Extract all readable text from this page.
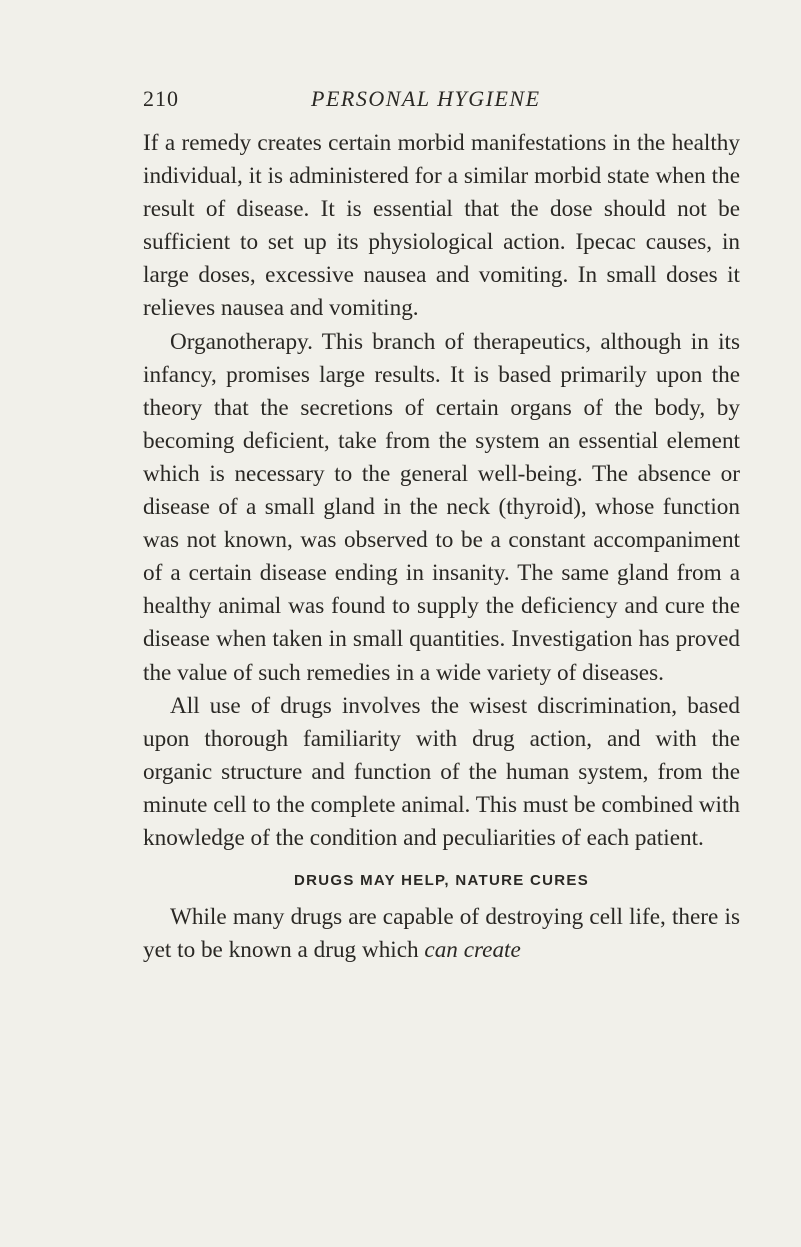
210	PERSONAL HYGIENE

If a remedy creates certain morbid manifestations in the healthy individual, it is administered for a similar morbid state when the result of disease. It is essential that the dose should not be sufficient to set up its physiological action. Ipecac causes, in large doses, excessive nausea and vomiting. In small doses it relieves nausea and vomiting.

Organotherapy. This branch of therapeutics, although in its infancy, promises large results. It is based primarily upon the theory that the secretions of certain organs of the body, by becoming deficient, take from the system an essential element which is necessary to the general well-being. The absence or disease of a small gland in the neck (thyroid), whose function was not known, was observed to be a constant accompaniment of a certain disease ending in insanity. The same gland from a healthy animal was found to supply the deficiency and cure the disease when taken in small quantities. Investigation has proved the value of such remedies in a wide variety of diseases.

All use of drugs involves the wisest discrimination, based upon thorough familiarity with drug action, and with the organic structure and function of the human system, from the minute cell to the complete animal. This must be combined with knowledge of the condition and peculiarities of each patient.

DRUGS MAY HELP, NATURE CURES

While many drugs are capable of destroying cell life, there is yet to be known a drug which can create
